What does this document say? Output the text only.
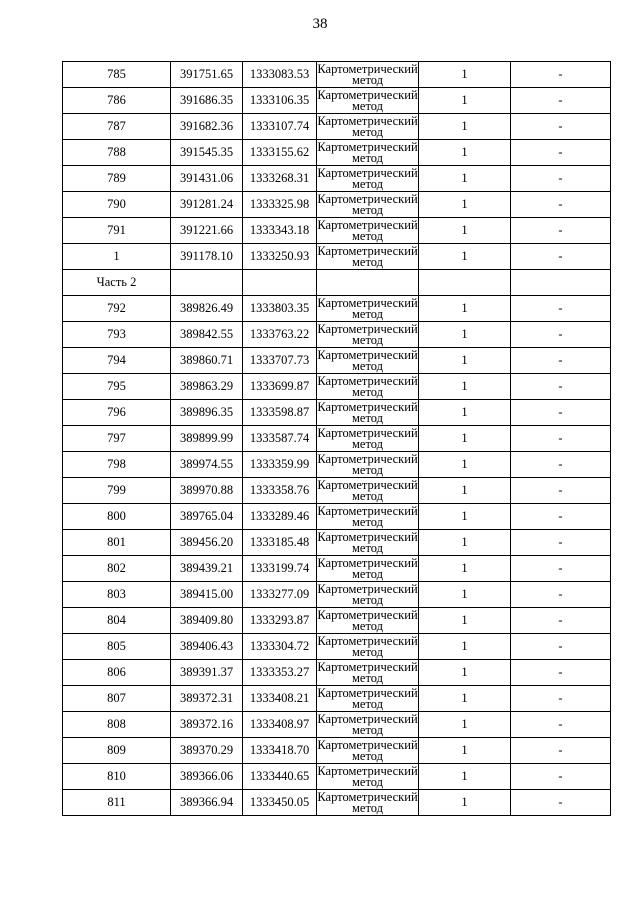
38
785	391751.65	1333083.53	Картометрический
метод	1	-
786	391686.35	1333106.35	Картометрический
метод	1	-
787	391682.36	1333107.74	Картометрический
метод	1	-
788	391545.35	1333155.62	Картометрический
метод	1	-
789	391431.06	1333268.31	Картометрический
метод	1	-
790	391281.24	1333325.98	Картометрический
метод	1	-
791	391221.66	1333343.18	Картометрический
метод	1	-
1	391178.10	1333250.93	Картометрический
метод	1	-
Часть 2					
792	389826.49	1333803.35	Картометрический
метод	1	-
793	389842.55	1333763.22	Картометрический
метод	1	-
794	389860.71	1333707.73	Картометрический
метод	1	-
795	389863.29	1333699.87	Картометрический
метод	1	-
796	389896.35	1333598.87	Картометрический
метод	1	-
797	389899.99	1333587.74	Картометрический
метод	1	-
798	389974.55	1333359.99	Картометрический
метод	1	-
799	389970.88	1333358.76	Картометрический
метод	1	-
800	389765.04	1333289.46	Картометрический
метод	1	-
801	389456.20	1333185.48	Картометрический
метод	1	-
802	389439.21	1333199.74	Картометрический
метод	1	-
803	389415.00	1333277.09	Картометрический
метод	1	-
804	389409.80	1333293.87	Картометрический
метод	1	-
805	389406.43	1333304.72	Картометрический
метод	1	-
806	389391.37	1333353.27	Картометрический
метод	1	-
807	389372.31	1333408.21	Картометрический
метод	1	-
808	389372.16	1333408.97	Картометрический
метод	1	-
809	389370.29	1333418.70	Картометрический
метод	1	-
810	389366.06	1333440.65	Картометрический
метод	1	-
811	389366.94	1333450.05	Картометрический
метод	1	-
